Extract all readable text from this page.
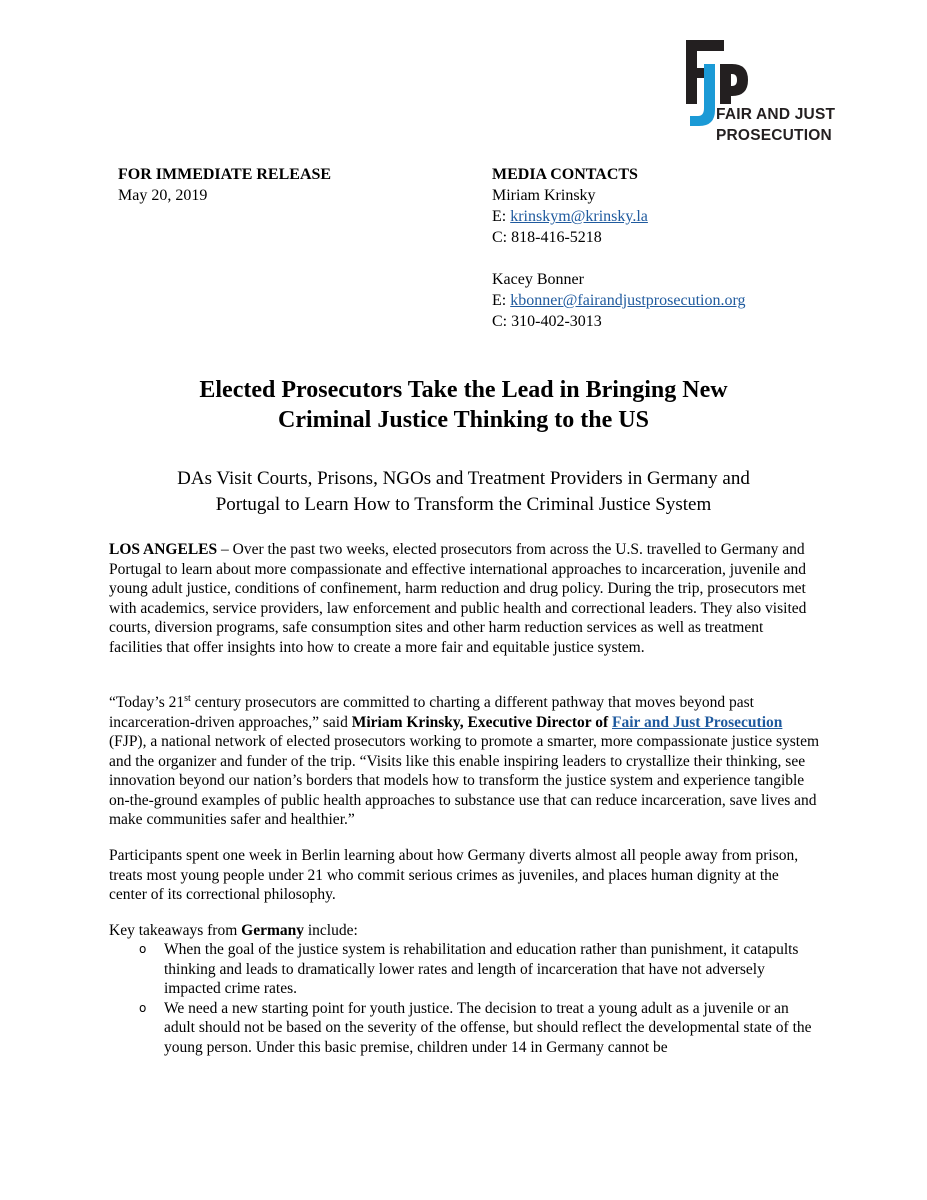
FAIR AND JUST
PROSECUTION
FOR IMMEDIATE RELEASE
May 20, 2019
MEDIA CONTACTS
Miriam Krinsky
E: krinskym@krinsky.la
C: 818-416-5218
Kacey Bonner
E: kbonner@fairandjustprosecution.org
C: 310-402-3013
Elected Prosecutors Take the Lead in Bringing New
Criminal Justice Thinking to the US
DAs Visit Courts, Prisons, NGOs and Treatment Providers in Germany and
Portugal to Learn How to Transform the Criminal Justice System
LOS ANGELES – Over the past two weeks, elected prosecutors from across the U.S. travelled to Germany and Portugal to learn about more compassionate and effective international approaches to incarceration, juvenile and young adult justice, conditions of confinement, harm reduction and drug policy. During the trip, prosecutors met with academics, service providers, law enforcement and public health and correctional leaders. They also visited courts, diversion programs, safe consumption sites and other harm reduction services as well as treatment facilities that offer insights into how to create a more fair and equitable justice system.
“Today’s 21st century prosecutors are committed to charting a different pathway that moves beyond past incarceration-driven approaches,” said Miriam Krinsky, Executive Director of Fair and Just Prosecution (FJP), a national network of elected prosecutors working to promote a smarter, more compassionate justice system and the organizer and funder of the trip. “Visits like this enable inspiring leaders to crystallize their thinking, see innovation beyond our nation’s borders that models how to transform the justice system and experience tangible on-the-ground examples of public health approaches to substance use that can reduce incarceration, save lives and make communities safer and healthier.”
Participants spent one week in Berlin learning about how Germany diverts almost all people away from prison, treats most young people under 21 who commit serious crimes as juveniles, and places human dignity at the center of its correctional philosophy.
Key takeaways from Germany include:
o When the goal of the justice system is rehabilitation and education rather than punishment, it catapults thinking and leads to dramatically lower rates and length of incarceration that have not adversely impacted crime rates.
o We need a new starting point for youth justice. The decision to treat a young adult as a juvenile or an adult should not be based on the severity of the offense, but should reflect the developmental state of the young person. Under this basic premise, children under 14 in Germany cannot be
